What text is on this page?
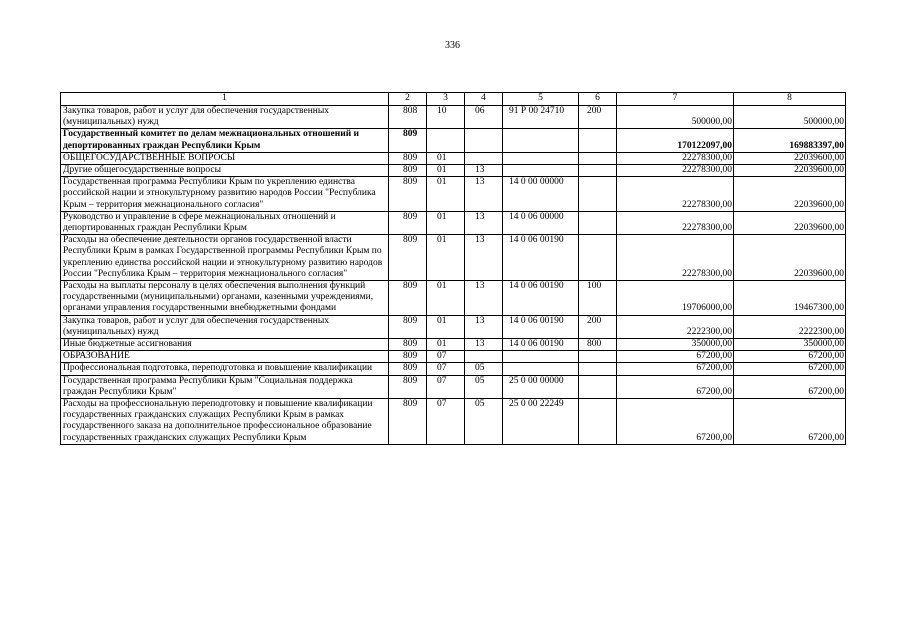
336
1	2	3	4	5	6	7	8
Закупка товаров, работ и услуг для обеспечения государственных (муниципальных) нужд	808	10	06	91 Р 00 24710	200	500000,00	500000,00
Государственный комитет по делам межнациональных отношений и депортированных граждан Республики Крым	809					170122097,00	169883397,00
ОБЩЕГОСУДАРСТВЕННЫЕ ВОПРОСЫ	809	01				22278300,00	22039600,00
Другие общегосударственные вопросы	809	01	13			22278300,00	22039600,00
Государственная программа Республики Крым по укреплению единства российской нации и этнокультурному развитию народов России "Республика Крым – территория межнационального согласия"	809	01	13	14 0 00 00000		22278300,00	22039600,00
Руководство и управление в сфере межнациональных отношений и депортированных граждан Республики Крым	809	01	13	14 0 06 00000		22278300,00	22039600,00
Расходы на обеспечение деятельности органов государственной власти Республики Крым в рамках Государственной программы Республики Крым по укреплению единства российской нации и этнокультурному развитию народов России "Республика Крым – территория межнационального согласия"	809	01	13	14 0 06 00190		22278300,00	22039600,00
Расходы на выплаты персоналу в целях обеспечения выполнения функций государственными (муниципальными) органами, казенными учреждениями, органами управления государственными внебюджетными фондами	809	01	13	14 0 06 00190	100	19706000,00	19467300,00
Закупка товаров, работ и услуг для обеспечения государственных (муниципальных) нужд	809	01	13	14 0 06 00190	200	2222300,00	2222300,00
Иные бюджетные ассигнования	809	01	13	14 0 06 00190	800	350000,00	350000,00
ОБРАЗОВАНИЕ	809	07				67200,00	67200,00
Профессиональная подготовка, переподготовка и повышение квалификации	809	07	05			67200,00	67200,00
Государственная программа Республики Крым "Социальная поддержка граждан Республики Крым"	809	07	05	25 0 00 00000		67200,00	67200,00
Расходы на профессиональную переподготовку и повышение квалификации государственных гражданских служащих Республики Крым в рамках государственного заказа на дополнительное профессиональное образование государственных гражданских служащих Республики Крым	809	07	05	25 0 00 22249		67200,00	67200,00
